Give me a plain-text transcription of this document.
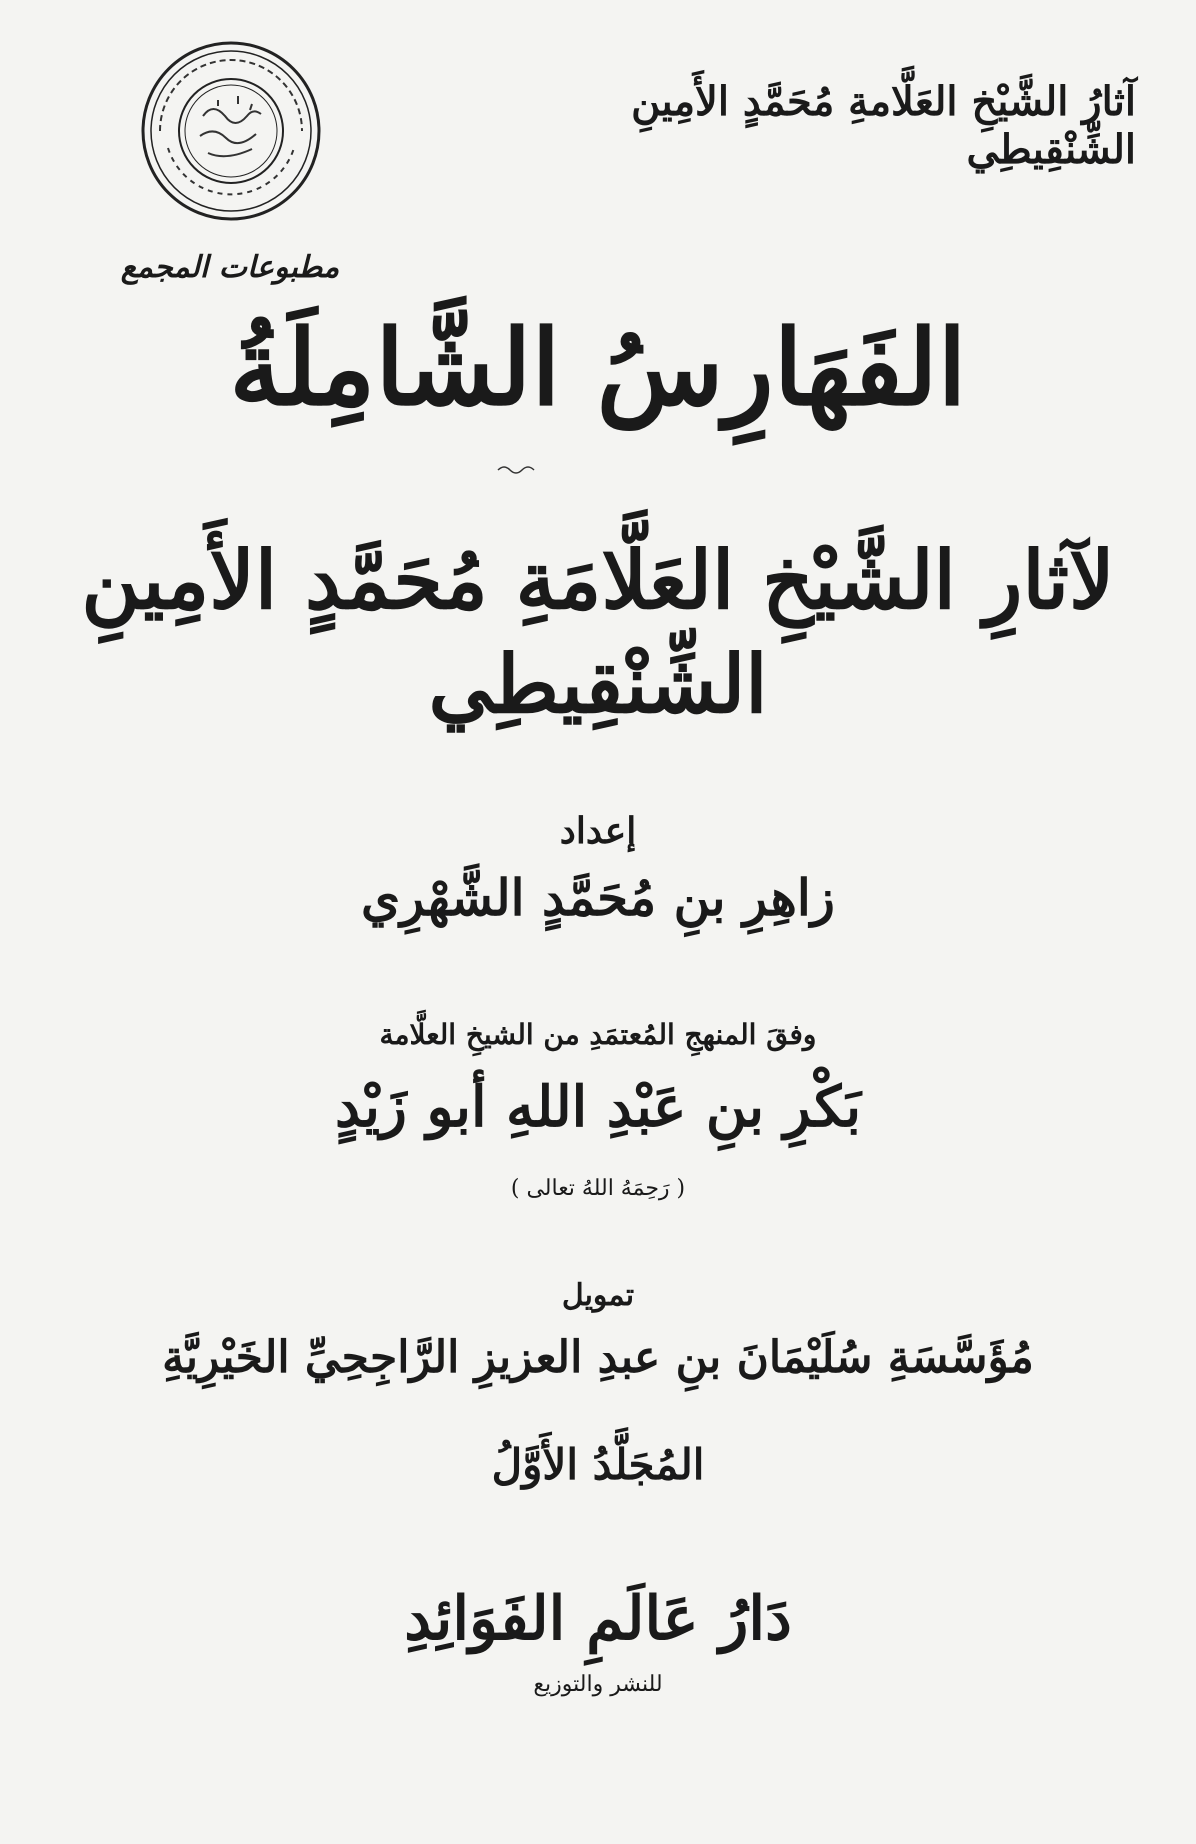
آثارُ الشَّيْخِ العَلَّامةِ مُحَمَّدٍ الأَمِينِ الشِّنْقِيطِي
مطبوعات المجمع
الفَهَارِسُ الشَّامِلَةُ
لآثارِ الشَّيْخِ العَلَّامَةِ مُحَمَّدٍ الأَمِينِ الشِّنْقِيطِي
إعداد
زاهِرِ بنِ مُحَمَّدٍ الشَّهْرِي
وفقَ المنهجِ المُعتمَدِ من الشيخِ العلَّامة
بَكْرِ بنِ عَبْدِ اللهِ أبو زَيْدٍ
( رَحِمَهُ اللهُ تعالى )
تمويل
مُؤَسَّسَةِ سُلَيْمَانَ بنِ عبدِ العزيزِ الرَّاجِحِيِّ الخَيْرِيَّةِ
المُجَلَّدُ الأَوَّلُ
دَارُ عَالَمِ الفَوَائِدِ
للنشر والتوزيع
